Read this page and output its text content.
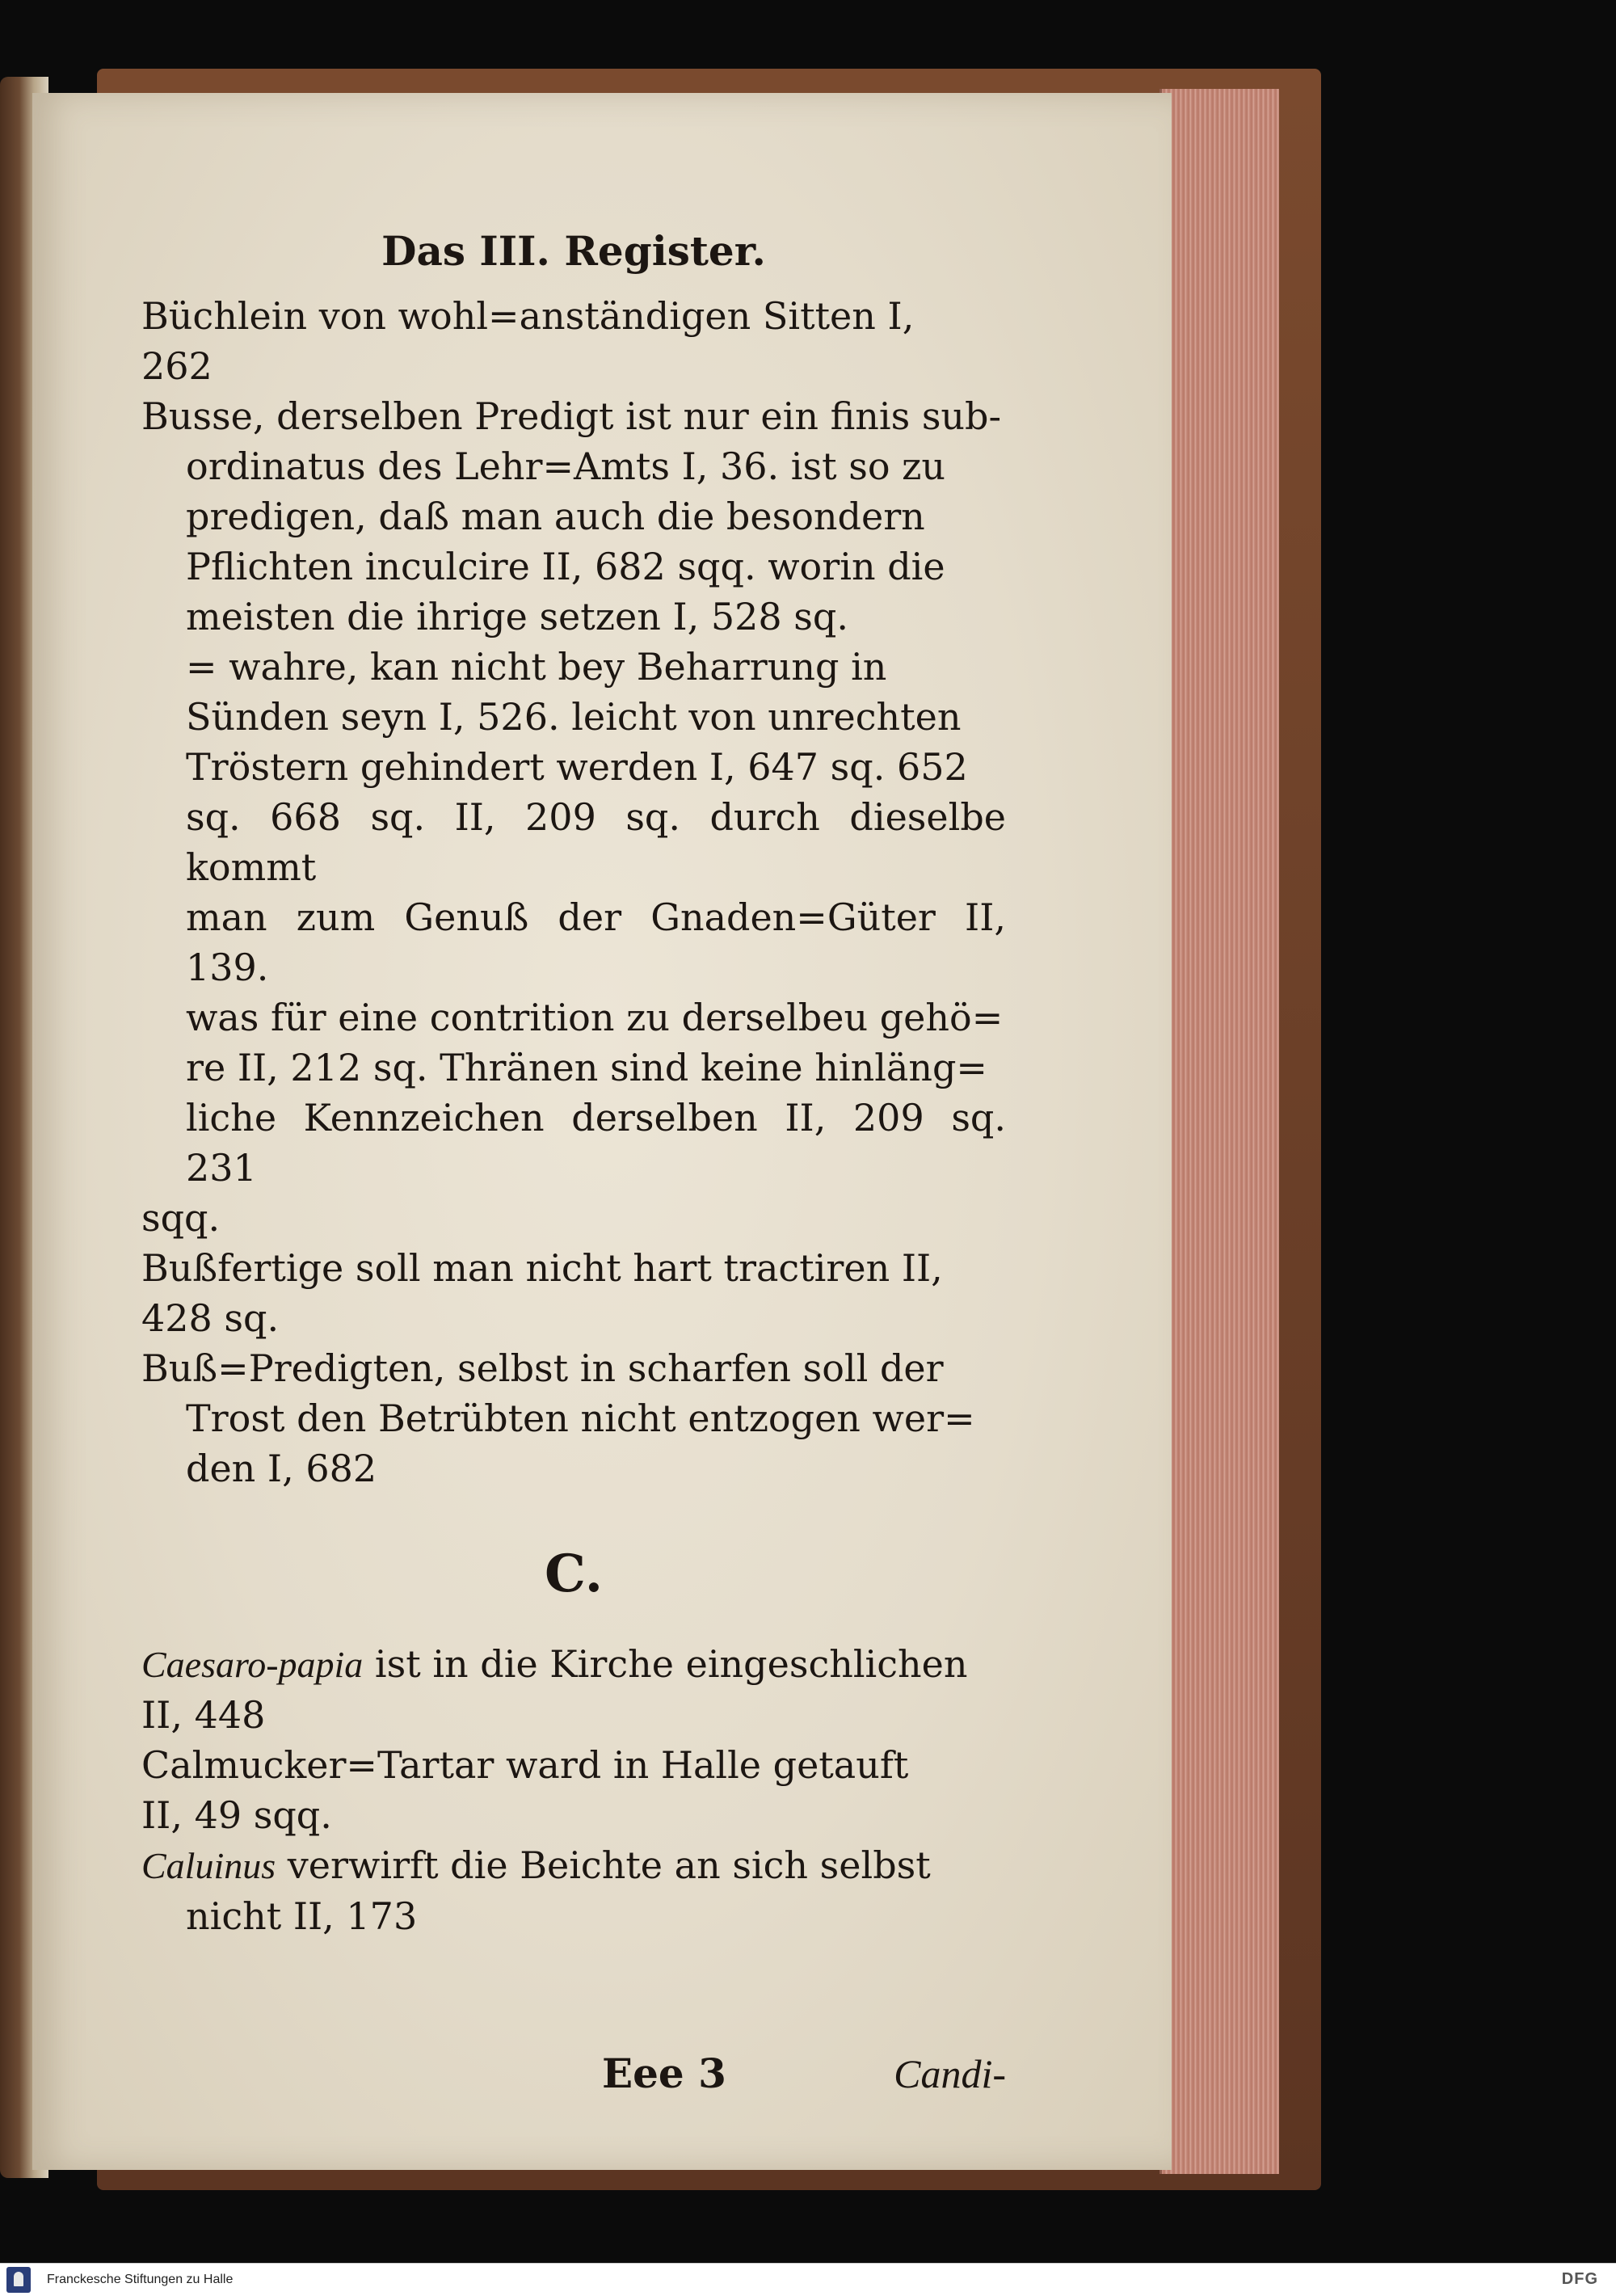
Das III. Register.

Büchlein von wohl=anständigen Sitten I,

262

Busse, derselben Predigt ist nur ein finis sub-

ordinatus des Lehr=Amts I, 36. ist so zu

predigen, daß man auch die besondern

Pflichten inculcire II, 682 sqq. worin die

meisten die ihrige setzen I, 528 sq.

= wahre, kan nicht bey Beharrung in

Sünden seyn I, 526. leicht von unrechten

Tröstern gehindert werden I, 647 sq. 652

sq. 668 sq. II, 209 sq. durch dieselbe kommt

man zum Genuß der Gnaden=Güter II, 139.

was für eine contrition zu derselbeu gehö=

re II, 212 sq. Thränen sind keine hinläng=

liche Kennzeichen derselben II, 209 sq. 231

sqq.

Bußfertige soll man nicht hart tractiren II,

428 sq.

Buß=Predigten, selbst in scharfen soll der

Trost den Betrübten nicht entzogen wer=

den I, 682

C.

Caesaro-papia ist in die Kirche eingeschlichen

II, 448

Calmucker=Tartar ward in Halle getauft

II, 49 sqq.

Caluinus verwirft die Beichte an sich selbst

nicht II, 173

Eee 3	Candi-
Franckesche Stiftungen zu Halle	DFG
